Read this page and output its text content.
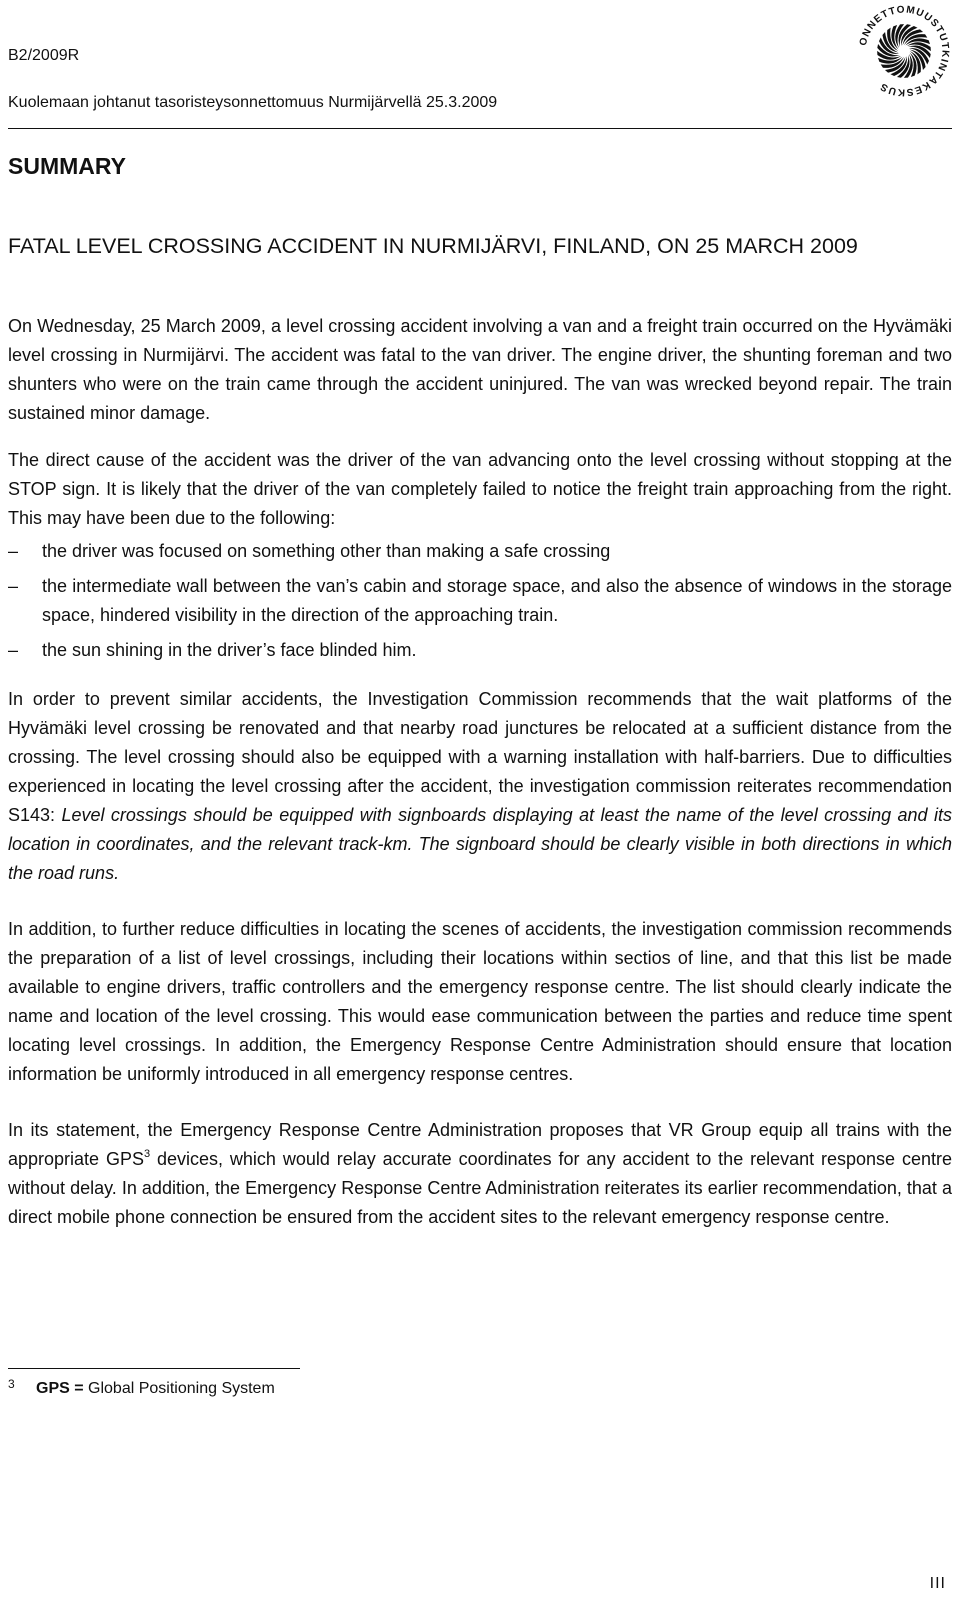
B2/2009R
Kuolemaan johtanut tasoristeysonnettomuus Nurmijärvellä 25.3.2009
ONNETTOMUUSTUTKINTAKESKUS
SUMMARY
FATAL LEVEL CROSSING ACCIDENT IN NURMIJÄRVI, FINLAND, ON 25 MARCH 2009

On Wednesday, 25 March 2009, a level crossing accident involving a van and a freight train occurred on the Hyvämäki level crossing in Nurmijärvi. The accident was fatal to the van driver. The engine driver, the shunting foreman and two shunters who were on the train came through the accident uninjured. The van was wrecked beyond repair. The train sustained minor damage.

The direct cause of the accident was the driver of the van advancing onto the level crossing without stopping at the STOP sign. It is likely that the driver of the van completely failed to notice the freight train approaching from the right. This may have been due to the following:

– the driver was focused on something other than making a safe crossing
– the intermediate wall between the van’s cabin and storage space, and also the absence of windows in the storage space, hindered visibility in the direction of the approaching train.
– the sun shining in the driver’s face blinded him.

In order to prevent similar accidents, the Investigation Commission recommends that the wait platforms of the Hyvämäki level crossing be renovated and that nearby road junctures be relocated at a sufficient distance from the crossing. The level crossing should also be equipped with a warning installation with half-barriers. Due to difficulties experienced in locating the level crossing after the accident, the investigation commission reiterates recommendation S143: Level crossings should be equipped with signboards displaying at least the name of the level crossing and its location in coordinates, and the relevant track-km. The signboard should be clearly visible in both directions in which the road runs.

In addition, to further reduce difficulties in locating the scenes of accidents, the investigation commission recommends the preparation of a list of level crossings, including their locations within sectios of line, and that this list be made available to engine drivers, traffic controllers and the emergency response centre. The list should clearly indicate the name and location of the level crossing. This would ease communication between the parties and reduce time spent locating level crossings. In addition, the Emergency Response Centre Administration should ensure that location information be uniformly introduced in all emergency response centres.

In its statement, the Emergency Response Centre Administration proposes that VR Group equip all trains with the appropriate GPS$^3$ devices, which would relay accurate coordinates for any accident to the relevant response centre without delay. In addition, the Emergency Response Centre Administration reiterates its earlier recommendation, that a direct mobile phone connection be ensured from the accident sites to the relevant emergency response centre.

3 GPS = Global Positioning System
III
